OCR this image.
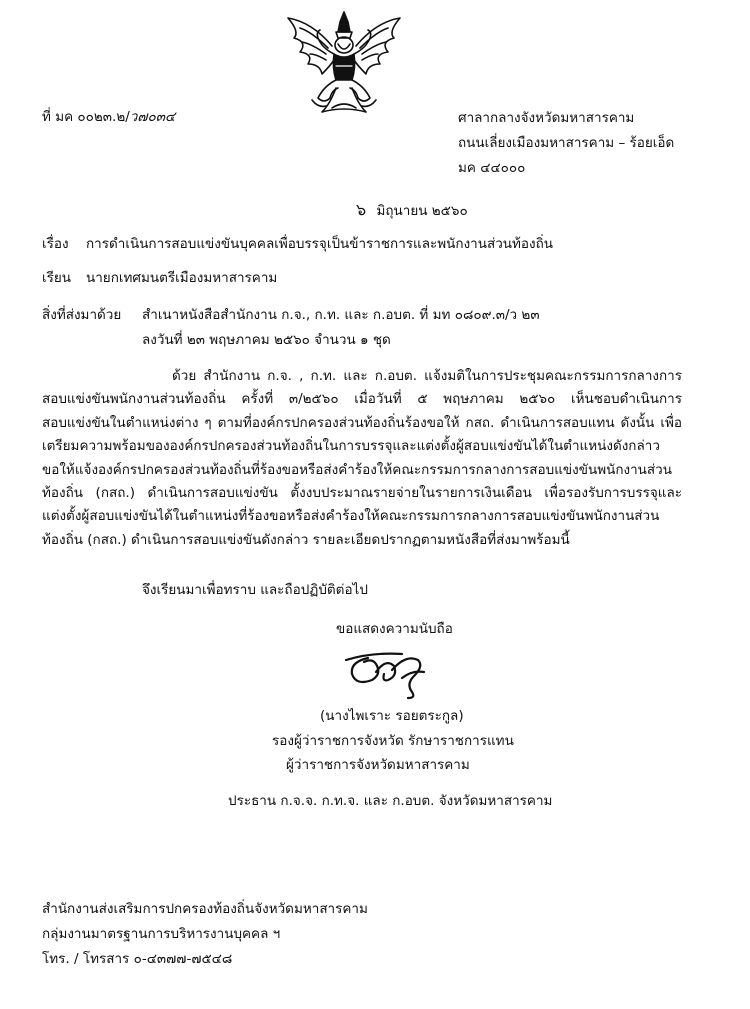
ที่ มค ๐๐๒๓.๒/ว๗๐๓๔	ศาลากลางจังหวัดมหาสารคาม
ถนนเลี่ยงเมืองมหาสารคาม – ร้อยเอ็ด
มค ๔๔๐๐๐
๖ มิถุนายน ๒๕๖๐
เรื่อง การดำเนินการสอบแข่งขันบุคคลเพื่อบรรจุเป็นข้าราชการและพนักงานส่วนท้องถิ่น
เรียน นายกเทศมนตรีเมืองมหาสารคาม
สิ่งที่ส่งมาด้วย สำเนาหนังสือสำนักงาน ก.จ., ก.ท. และ ก.อบต. ที่ มท ๐๘๐๙.๓/ว ๒๓
ลงวันที่ ๒๓ พฤษภาคม ๒๕๖๐ จำนวน ๑ ชุด
ด้วย สำนักงาน ก.จ. , ก.ท. และ ก.อบต. แจ้งมติในการประชุมคณะกรรมการกลางการ
สอบแข่งขันพนักงานส่วนท้องถิ่น ครั้งที่ ๓/๒๕๖๐ เมื่อวันที่ ๕ พฤษภาคม ๒๕๖๐ เห็นชอบดำเนินการ
สอบแข่งขันในตำแหน่งต่าง ๆ ตามที่องค์กรปกครองส่วนท้องถิ่นร้องขอให้ กสถ. ดำเนินการสอบแทน ดังนั้น เพื่อ
เตรียมความพร้อมขององค์กรปกครองส่วนท้องถิ่นในการบรรจุและแต่งตั้งผู้สอบแข่งขันได้ในตำแหน่งดังกล่าว
ขอให้แจ้งองค์กรปกครองส่วนท้องถิ่นที่ร้องขอหรือส่งคำร้องให้คณะกรรมการกลางการสอบแข่งขันพนักงานส่วน
ท้องถิ่น (กสถ.) ดำเนินการสอบแข่งขัน ตั้งงบประมาณรายจ่ายในรายการเงินเดือน เพื่อรองรับการบรรจุและ
แต่งตั้งผู้สอบแข่งขันได้ในตำแหน่งที่ร้องขอหรือส่งคำร้องให้คณะกรรมการกลางการสอบแข่งขันพนักงานส่วน
ท้องถิ่น (กสถ.) ดำเนินการสอบแข่งขันดังกล่าว รายละเอียดปรากฏตามหนังสือที่ส่งมาพร้อมนี้
จึงเรียนมาเพื่อทราบ และถือปฏิบัติต่อไป
ขอแสดงความนับถือ
(นางไพเราะ รอยตระกูล)
รองผู้ว่าราชการจังหวัด รักษาราชการแทน
ผู้ว่าราชการจังหวัดมหาสารคาม
ประธาน ก.จ.จ. ก.ท.จ. และ ก.อบต. จังหวัดมหาสารคาม
สำนักงานส่งเสริมการปกครองท้องถิ่นจังหวัดมหาสารคาม
กลุ่มงานมาตรฐานการบริหารงานบุคคล ฯ
โทร. / โทรสาร ๐-๔๓๗๗-๗๕๔๘
